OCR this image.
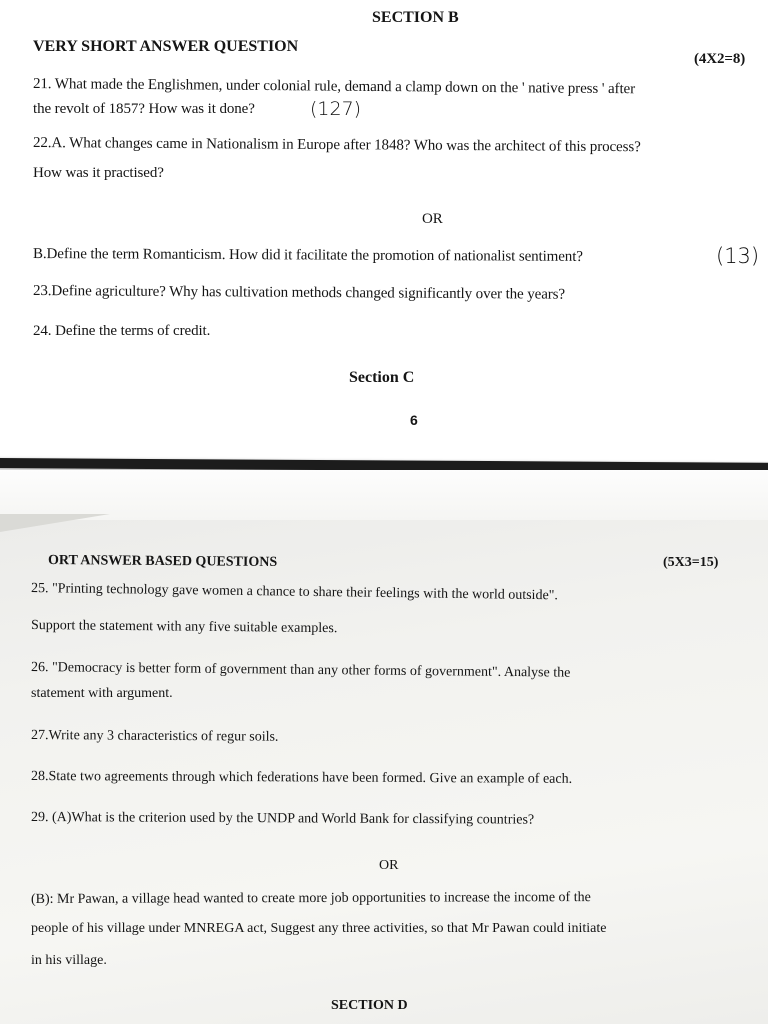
SECTION B

VERY SHORT ANSWER QUESTION

(4X2=8)

21. What made the Englishmen, under colonial rule, demand a clamp down on the ' native press ' after

the revolt of 1857? How was it done?	(127)

22.A. What changes came in Nationalism in Europe after 1848? Who was the architect of this process?

How was it practised?

OR

B.Define the term Romanticism. How did it facilitate the promotion of nationalist sentiment?	(13)

23.Define agriculture? Why has cultivation methods changed significantly over the years?

24. Define the terms of credit.

Section C

6

ORT ANSWER BASED QUESTIONS	(5X3=15)

25. "Printing technology gave women a chance to share their feelings with the world outside".

Support the statement with any five suitable examples.

26. "Democracy is better form of government than any other forms of government". Analyse the

statement with argument.

27.Write any 3 characteristics of regur soils.

28.State two agreements through which federations have been formed. Give an example of each.

29. (A)What is the criterion used by the UNDP and World Bank for classifying countries?

OR

(B): Mr Pawan, a village head wanted to create more job opportunities to increase the income of the

people of his village under MNREGA act, Suggest any three activities, so that Mr Pawan could initiate

in his village.

SECTION D
